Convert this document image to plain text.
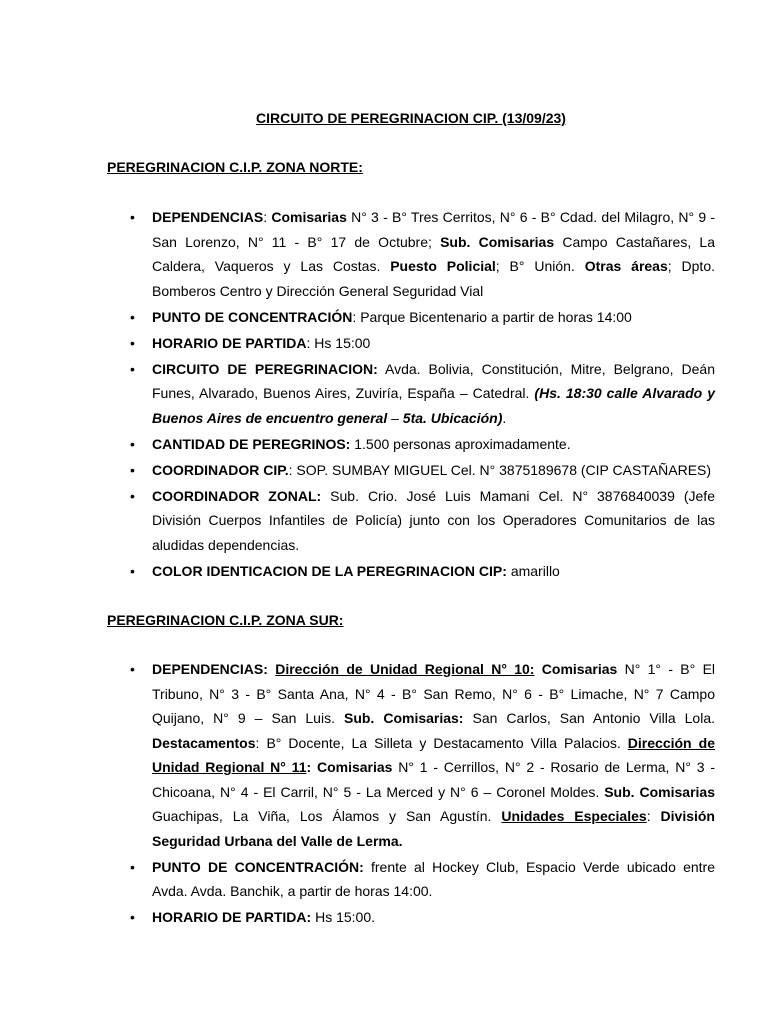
CIRCUITO DE PEREGRINACION CIP. (13/09/23)

PEREGRINACION C.I.P. ZONA NORTE:

• DEPENDENCIAS: Comisarias N° 3 - B° Tres Cerritos, N° 6 - B° Cdad. del Milagro, N° 9 - San Lorenzo, N° 11 - B° 17 de Octubre; Sub. Comisarias Campo Castañares, La Caldera, Vaqueros y Las Costas. Puesto Policial; B° Unión. Otras áreas; Dpto. Bomberos Centro y Dirección General Seguridad Vial
• PUNTO DE CONCENTRACIÓN: Parque Bicentenario a partir de horas 14:00
• HORARIO DE PARTIDA: Hs 15:00
• CIRCUITO DE PEREGRINACION: Avda. Bolivia, Constitución, Mitre, Belgrano, Deán Funes, Alvarado, Buenos Aires, Zuviría, España – Catedral. (Hs. 18:30 calle Alvarado y Buenos Aires de encuentro general – 5ta. Ubicación).
• CANTIDAD DE PEREGRINOS: 1.500 personas aproximadamente.
• COORDINADOR CIP.: SOP. SUMBAY MIGUEL Cel. N° 3875189678 (CIP CASTAÑARES)
• COORDINADOR ZONAL: Sub. Crio. José Luis Mamani Cel. N° 3876840039 (Jefe División Cuerpos Infantiles de Policía) junto con los Operadores Comunitarios de las aludidas dependencias.
• COLOR IDENTICACION DE LA PEREGRINACION CIP: amarillo

PEREGRINACION C.I.P. ZONA SUR:

• DEPENDENCIAS: Dirección de Unidad Regional N° 10: Comisarias N° 1° - B° El Tribuno, N° 3 - B° Santa Ana, N° 4 - B° San Remo, N° 6 - B° Limache, N° 7 Campo Quijano, N° 9 – San Luis. Sub. Comisarias: San Carlos, San Antonio Villa Lola. Destacamentos: B° Docente, La Silleta y Destacamento Villa Palacios. Dirección de Unidad Regional N° 11: Comisarias N° 1 - Cerrillos, N° 2 - Rosario de Lerma, N° 3 - Chicoana, N° 4 - El Carril, N° 5 - La Merced y N° 6 – Coronel Moldes. Sub. Comisarias Guachipas, La Viña, Los Álamos y San Agustín. Unidades Especiales: División Seguridad Urbana del Valle de Lerma.
• PUNTO DE CONCENTRACIÓN: frente al Hockey Club, Espacio Verde ubicado entre Avda. Avda. Banchik, a partir de horas 14:00.
• HORARIO DE PARTIDA: Hs 15:00.
